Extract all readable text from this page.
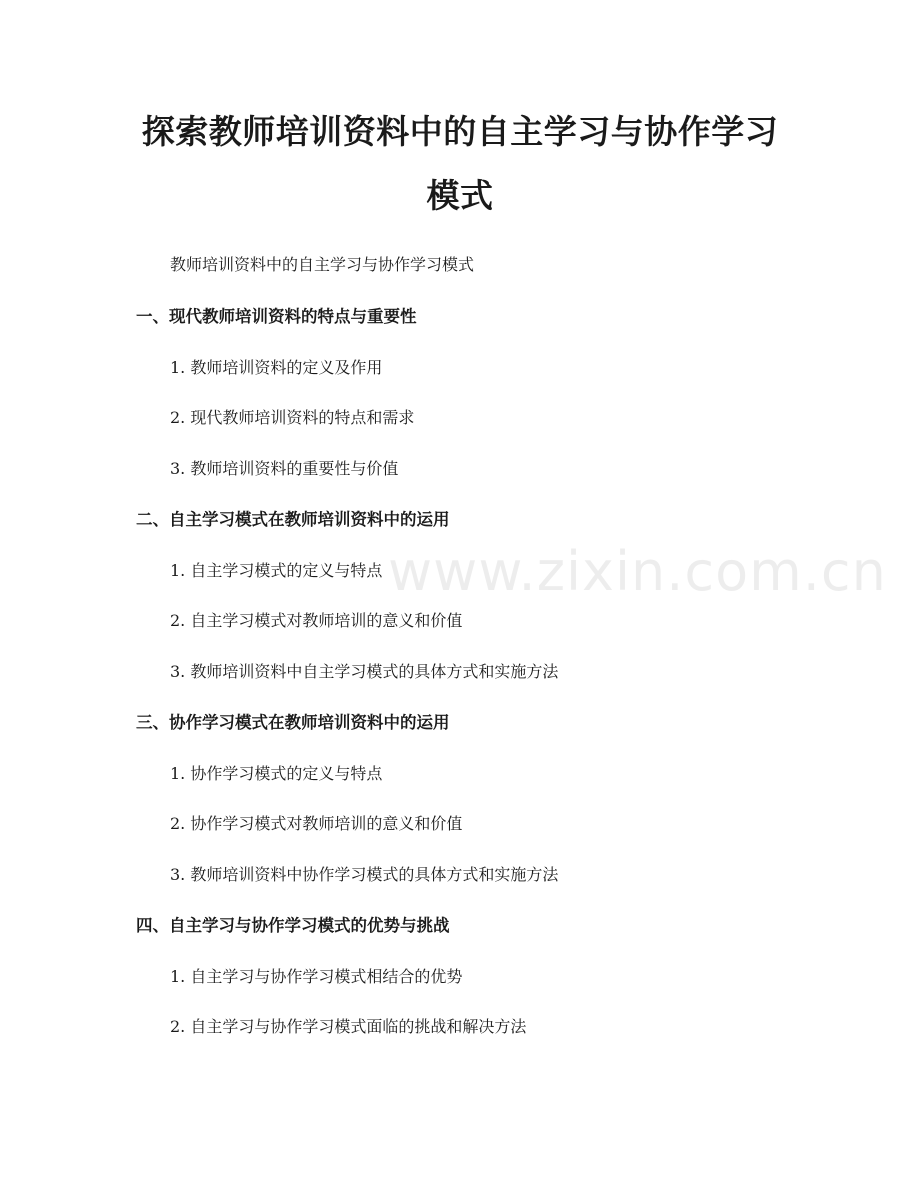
探索教师培训资料中的自主学习与协作学习
模式

教师培训资料中的自主学习与协作学习模式

一、现代教师培训资料的特点与重要性

1. 教师培训资料的定义及作用

2. 现代教师培训资料的特点和需求

3. 教师培训资料的重要性与价值

二、自主学习模式在教师培训资料中的运用

1. 自主学习模式的定义与特点

2. 自主学习模式对教师培训的意义和价值

3. 教师培训资料中自主学习模式的具体方式和实施方法

三、协作学习模式在教师培训资料中的运用

1. 协作学习模式的定义与特点

2. 协作学习模式对教师培训的意义和价值

3. 教师培训资料中协作学习模式的具体方式和实施方法

四、自主学习与协作学习模式的优势与挑战

1. 自主学习与协作学习模式相结合的优势

2. 自主学习与协作学习模式面临的挑战和解决方法

www.zixin.com.cn
